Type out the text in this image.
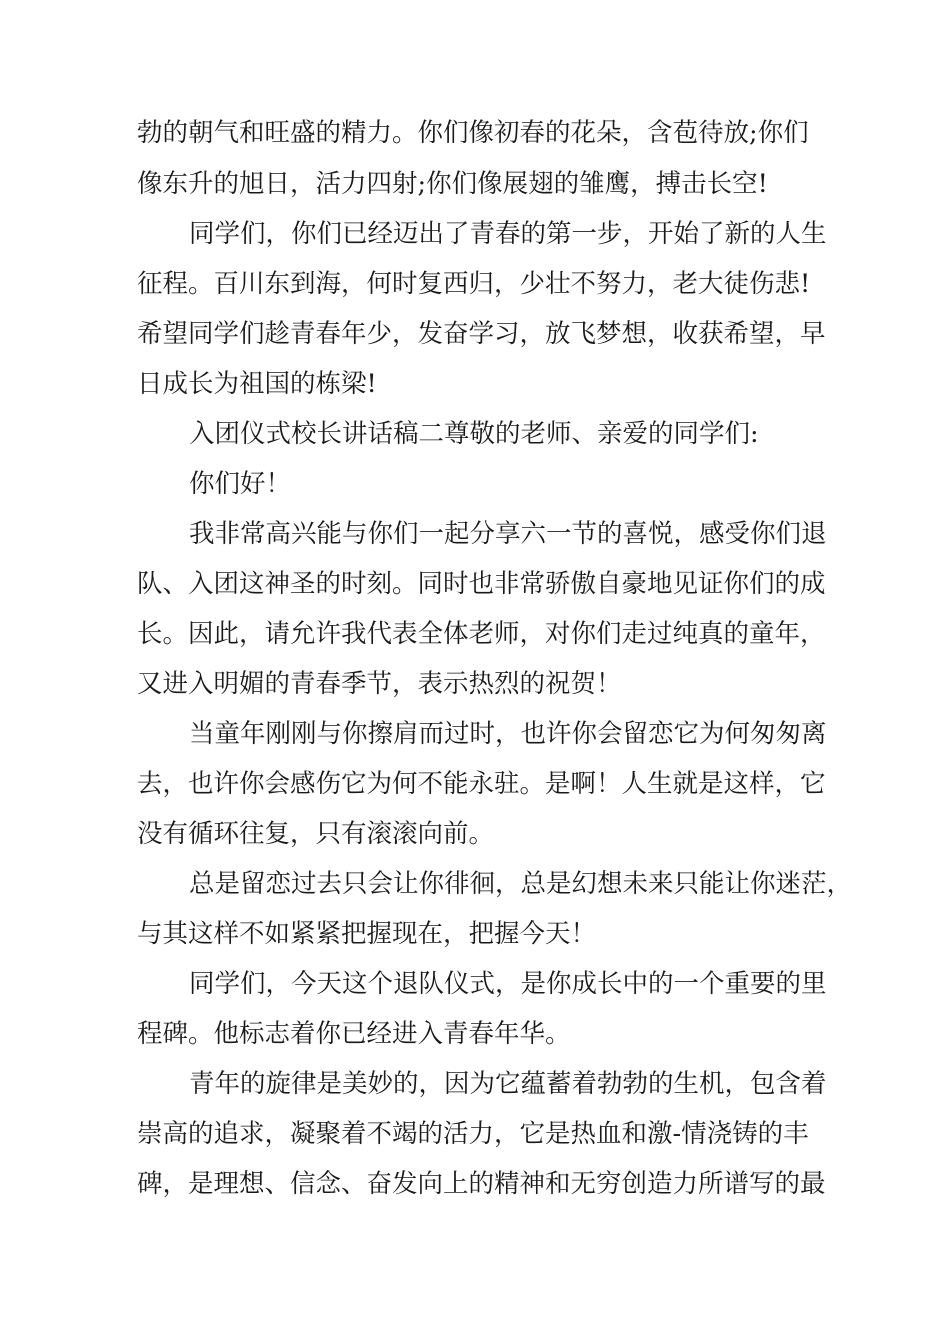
勃的朝气和旺盛的精力。你们像初春的花朵，含苞待放;你们
像东升的旭日，活力四射;你们像展翅的雏鹰，搏击长空!
同学们，你们已经迈出了青春的第一步，开始了新的人生
征程。百川东到海，何时复西归，少壮不努力，老大徒伤悲!
希望同学们趁青春年少，发奋学习，放飞梦想，收获希望，早
日成长为祖国的栋梁!
入团仪式校长讲话稿二尊敬的老师、亲爱的同学们:
你们好！
我非常高兴能与你们一起分享六一节的喜悦，感受你们退
队、入团这神圣的时刻。同时也非常骄傲自豪地见证你们的成
长。因此，请允许我代表全体老师，对你们走过纯真的童年，
又进入明媚的青春季节，表示热烈的祝贺！
当童年刚刚与你擦肩而过时，也许你会留恋它为何匆匆离
去，也许你会感伤它为何不能永驻。是啊！人生就是这样，它
没有循环往复，只有滚滚向前。
总是留恋过去只会让你徘徊，总是幻想未来只能让你迷茫，
与其这样不如紧紧把握现在，把握今天！
同学们，今天这个退队仪式，是你成长中的一个重要的里
程碑。他标志着你已经进入青春年华。
青年的旋律是美妙的，因为它蕴蓄着勃勃的生机，包含着
崇高的追求，凝聚着不竭的活力，它是热血和激-情浇铸的丰
碑，是理想、信念、奋发向上的精神和无穷创造力所谱写的最
